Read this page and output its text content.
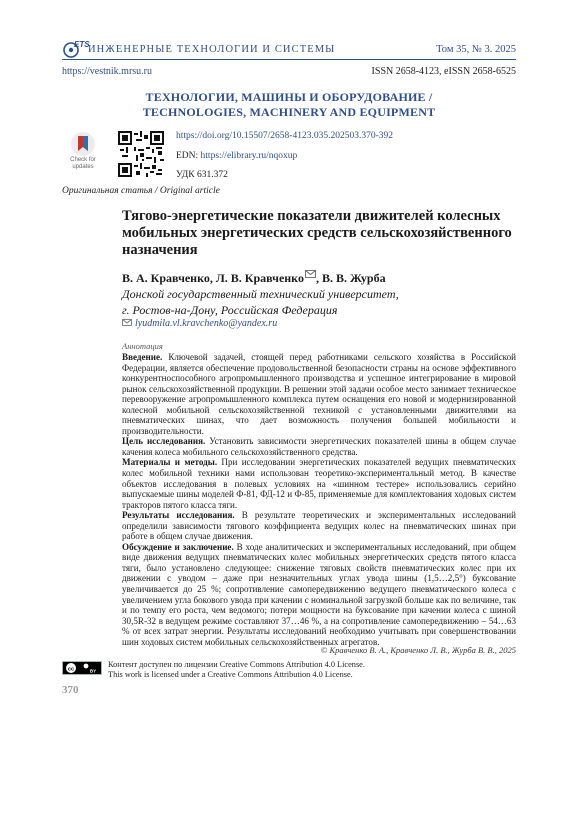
ETS
ИНЖЕНЕРНЫЕ ТЕХНОЛОГИИ И СИСТЕМЫ	Том 35, № 3. 2025
https://vestnik.mrsu.ru	ISSN 2658-4123, eISSN 2658-6525
ТЕХНОЛОГИИ, МАШИНЫ И ОБОРУДОВАНИЕ /
TECHNOLOGIES, MACHINERY AND EQUIPMENT
Check for
updates
https://doi.org/10.15507/2658-4123.035.202503.370-392
EDN: https://elibrary.ru/nqoxup
УДК 631.372
Оригинальная статья / Original article
Тягово-энергетические показатели движителей колесных мобильных энергетических средств сельскохозяйственного назначения
В. А. Кравченко, Л. В. Кравченко , В. В. Журба
Донской государственный технический университет,
г. Ростов-на-Дону, Российская Федерация
lyudmila.vl.kravchenko@yandex.ru
Аннотация

Введение. Ключевой задачей, стоящей перед работниками сельского хозяйства в Российской Федерации, является обеспечение продовольственной безопасности страны на основе эффективного конкурентноспособного агропромышленного производства и успешное интегрирование в мировой рынок сельскохозяйственной продукции. В решении этой задачи особое место занимает техническое перевооружение агропромышленного комплекса путем оснащения его новой и модернизированной колесной мобильной сельскохозяйственной техникой с установленными движителями на пневматических шинах, что дает возможность получения большей мобильности и производительности.

Цель исследования. Установить зависимости энергетических показателей шины в общем случае качения колеса мобильного сельскохозяйственного средства.

Материалы и методы. При исследовании энергетических показателей ведущих пневматических колес мобильной техники нами использован теоретико-экспериментальный метод. В качестве объектов исследования в полевых условиях на «шинном тестере» использовались серийно выпускаемые шины моделей Ф-81, ФД-12 и Ф-85, применяемые для комплектования ходовых систем тракторов пятого класса тяги.

Результаты исследования. В результате теоретических и экспериментальных исследований определили зависимости тягового коэффициента ведущих колес на пневматических шинах при работе в общем случае движения.

Обсуждение и заключение. В ходе аналитических и экспериментальных исследований, при общем виде движения ведущих пневматических колес мобильных энергетических средств пятого класса тяги, было установлено следующее: снижение тяговых свойств пневматических колес при их движении с уводом – даже при незначительных углах увода шины (1,5…2,5°) буксование увеличивается до 25 %; сопротивление самопередвижению ведущего пневматического колеса с увеличением угла бокового увода при качении с номинальной загрузкой больше как по величине, так и по темпу его роста, чем ведомого; потери мощности на буксование при качении колеса с шиной 30,5R-32 в ведущем режиме составляют 37…46 %, а на сопротивление самопередвижению – 54…63 % от всех затрат энергии. Результаты исследований необходимо учитывать при совершенствовании шин ходовых систем мобильных сельскохозяйственных агрегатов.

© Кравченко В. А., Кравченко Л. В., Журба В. В., 2025
cc	BY
Контент доступен по лицензии Creative Commons Attribution 4.0 License.
This work is licensed under a Creative Commons Attribution 4.0 License.
370
